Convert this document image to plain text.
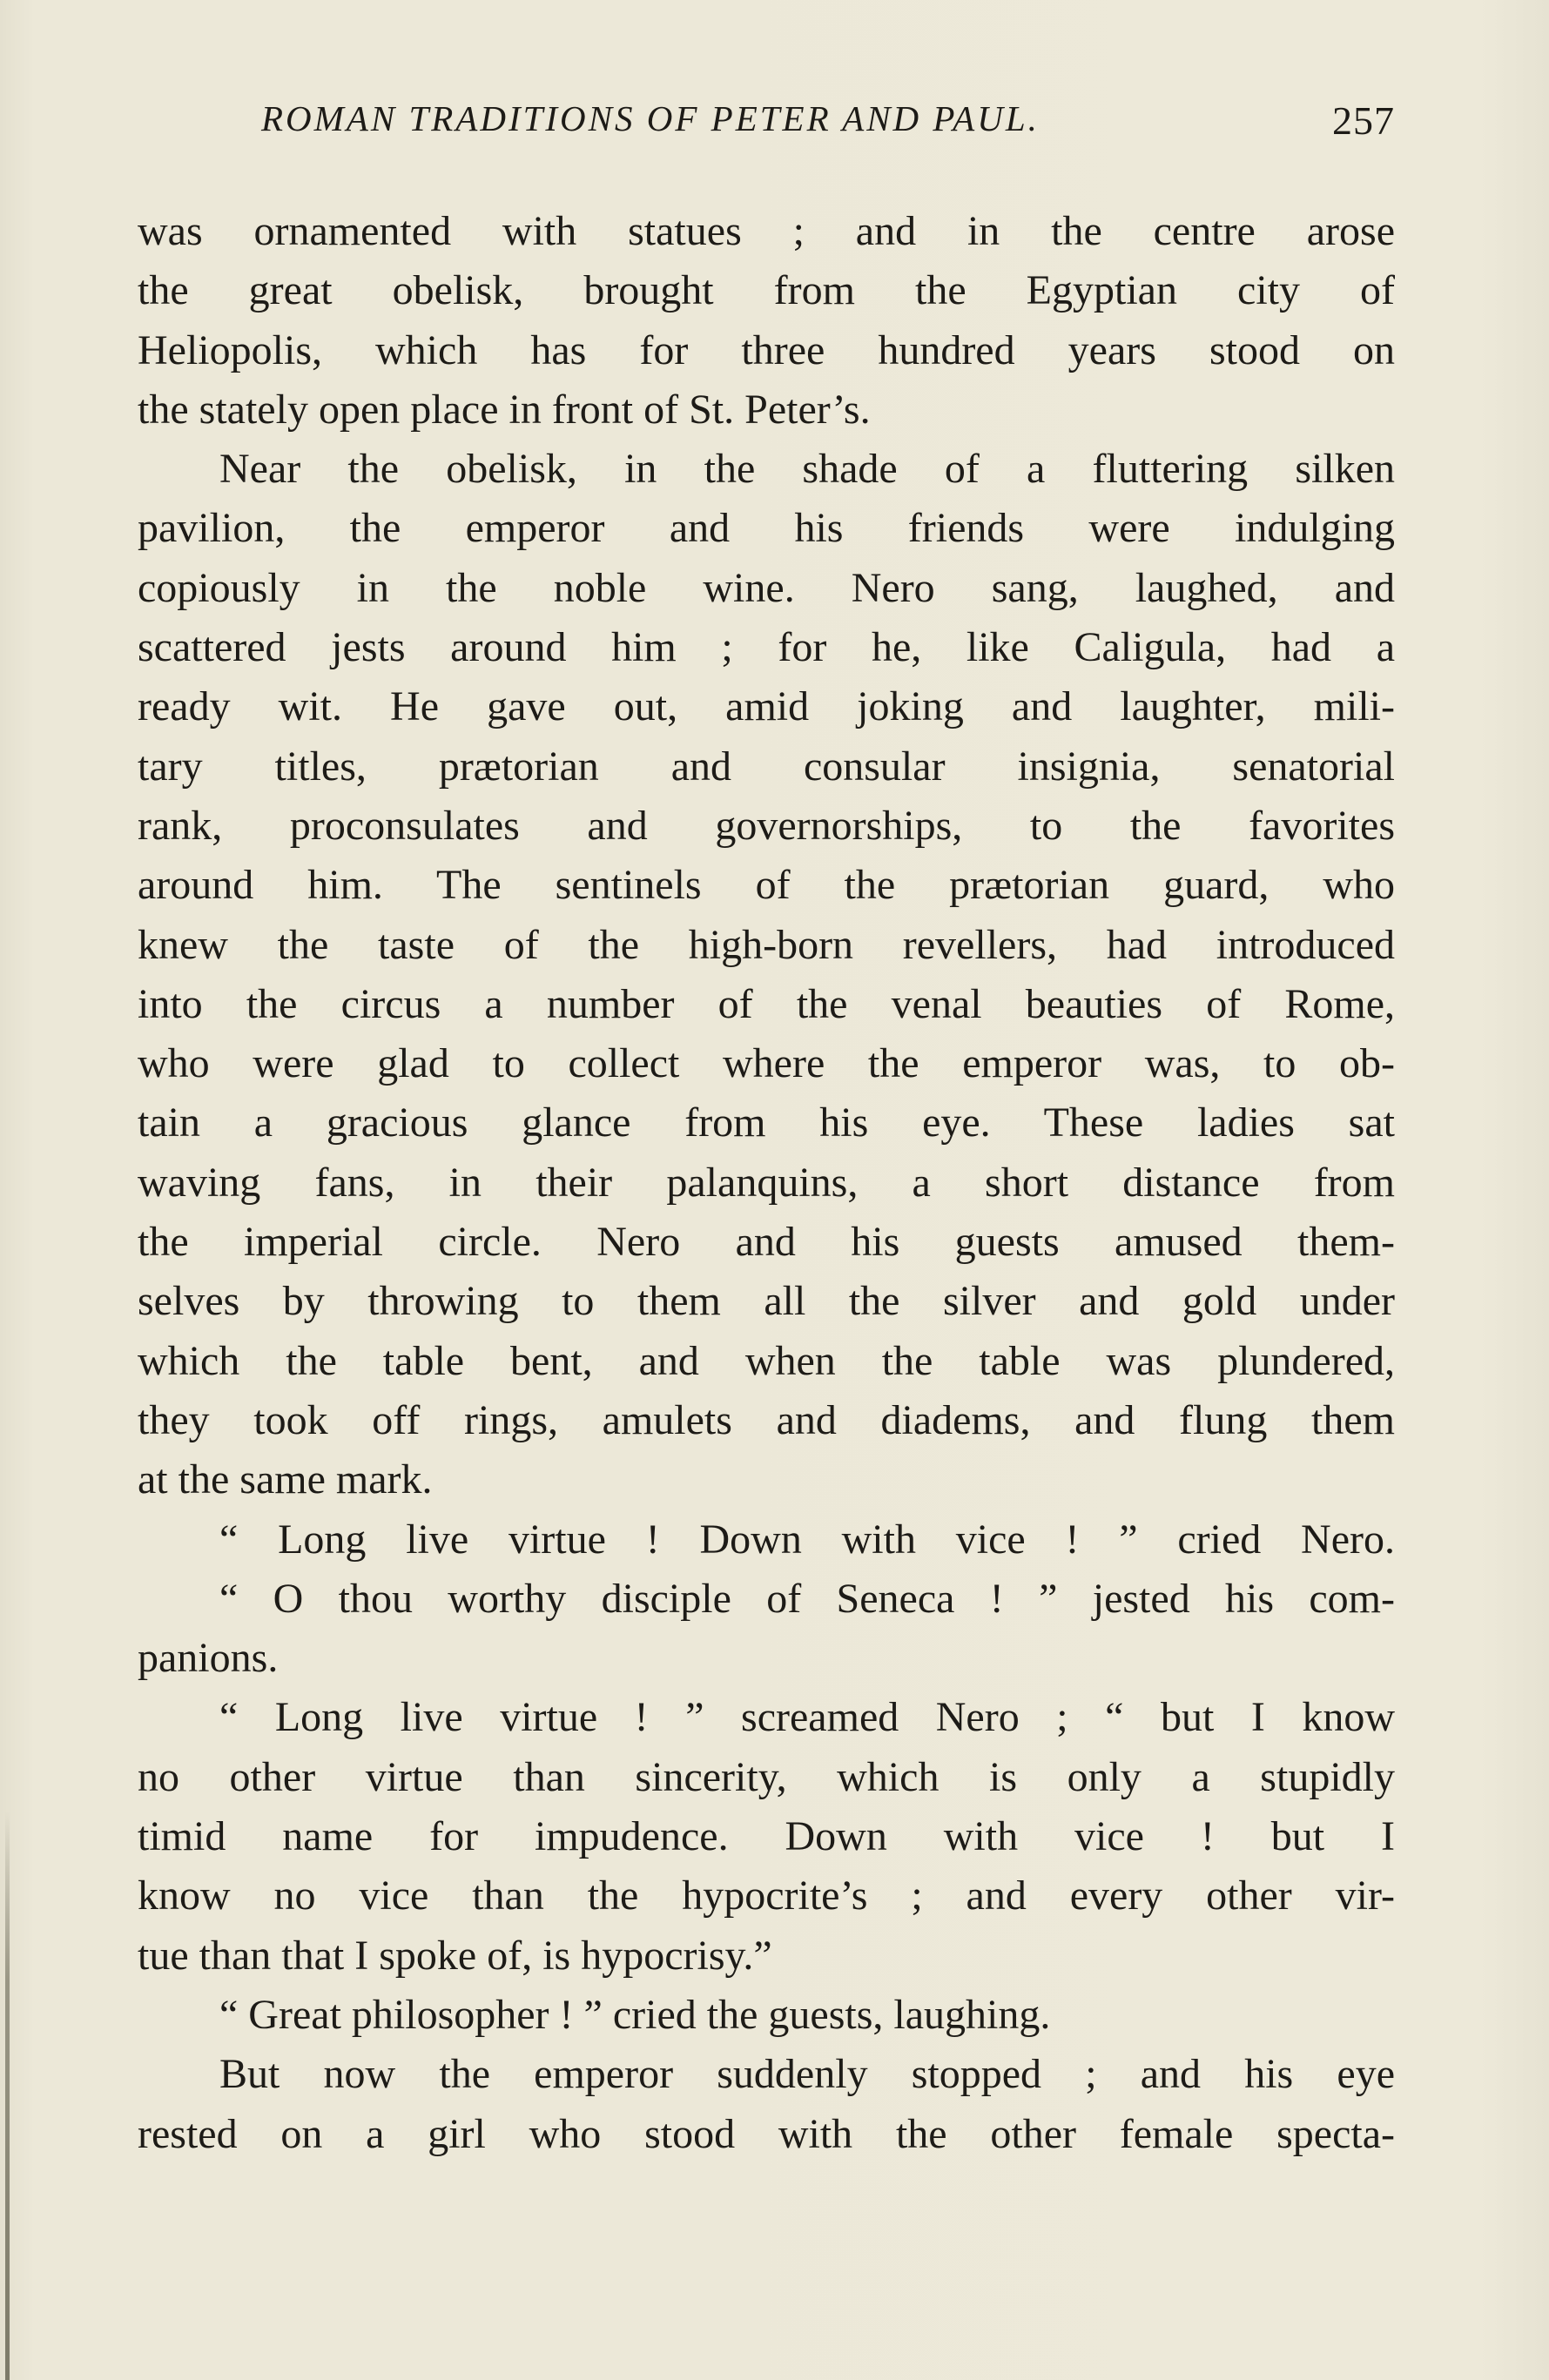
ROMAN TRADITIONS OF PETER AND PAUL.	257
was ornamented with statues ; and in the centre arose
the great obelisk, brought from the Egyptian city of
Heliopolis, which has for three hundred years stood on
the stately open place in front of St. Peter’s.
Near the obelisk, in the shade of a fluttering silken
pavilion, the emperor and his friends were indulging
copiously in the noble wine. Nero sang, laughed, and
scattered jests around him ; for he, like Caligula, had a
ready wit. He gave out, amid joking and laughter, mili-
tary titles, prætorian and consular insignia, senatorial
rank, proconsulates and governorships, to the favorites
around him. The sentinels of the prætorian guard, who
knew the taste of the high-born revellers, had introduced
into the circus a number of the venal beauties of Rome,
who were glad to collect where the emperor was, to ob-
tain a gracious glance from his eye. These ladies sat
waving fans, in their palanquins, a short distance from
the imperial circle. Nero and his guests amused them-
selves by throwing to them all the silver and gold under
which the table bent, and when the table was plundered,
they took off rings, amulets and diadems, and flung them
at the same mark.
“ Long live virtue ! Down with vice ! ” cried Nero.
“ O thou worthy disciple of Seneca ! ” jested his com-
panions.
“ Long live virtue ! ” screamed Nero ; “ but I know
no other virtue than sincerity, which is only a stupidly
timid name for impudence. Down with vice ! but I
know no vice than the hypocrite’s ; and every other vir-
tue than that I spoke of, is hypocrisy.”
“ Great philosopher ! ” cried the guests, laughing.
But now the emperor suddenly stopped ; and his eye
rested on a girl who stood with the other female specta-
